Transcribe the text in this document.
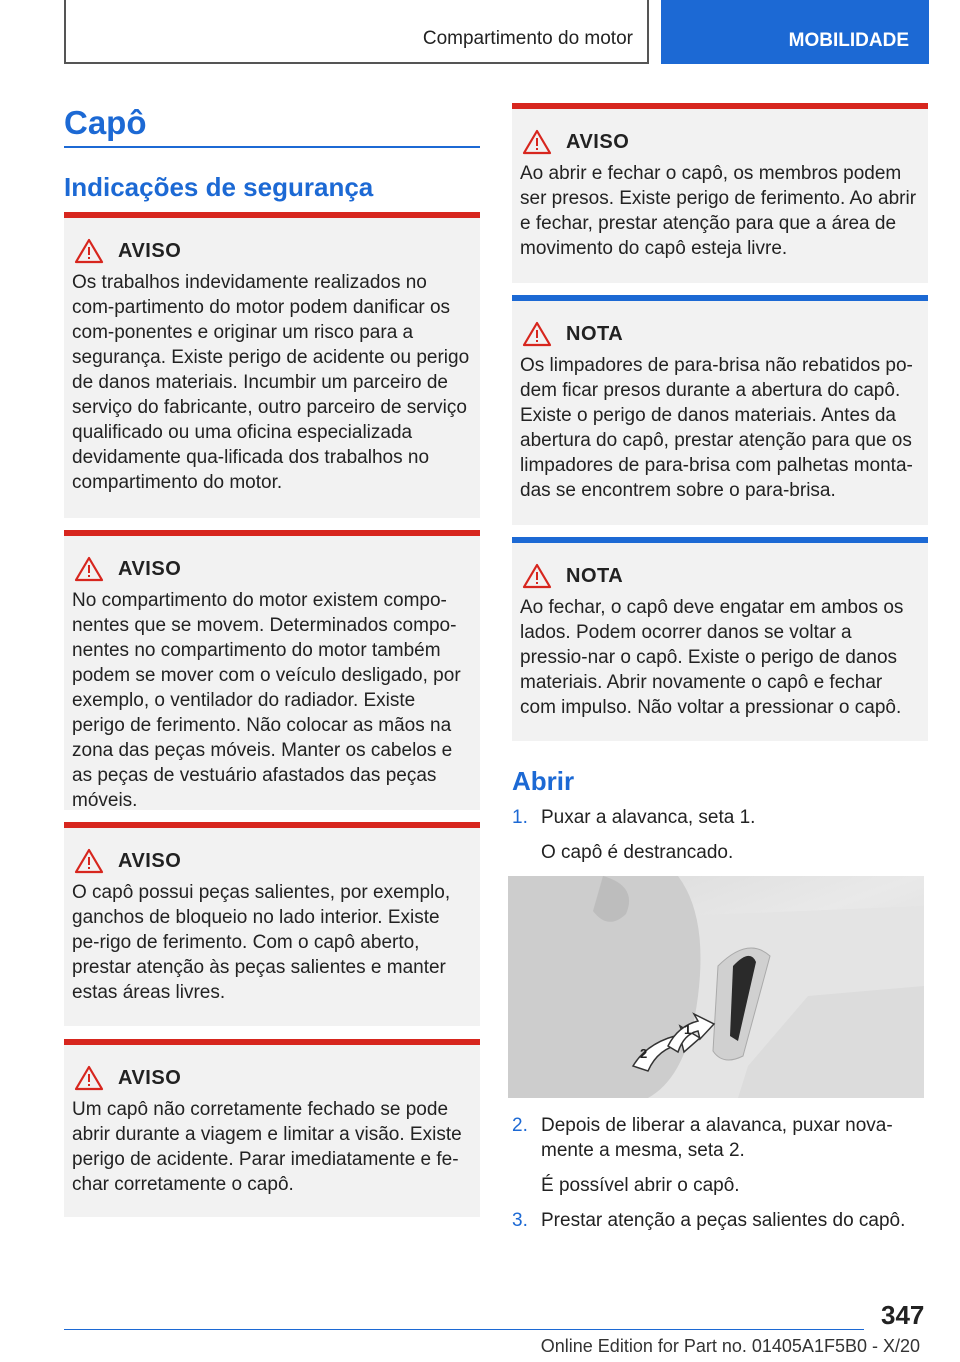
Compartimento do motor	MOBILIDADE
Capô
Indicações de segurança
AVISO
Os trabalhos indevidamente realizados no com-partimento do motor podem danificar os com-ponentes e originar um risco para a segurança. Existe perigo de acidente ou perigo de danos materiais. Incumbir um parceiro de serviço do fabricante, outro parceiro de serviço qualificado ou uma oficina especializada devidamente qua-lificada dos trabalhos no compartimento do motor.
AVISO
No compartimento do motor existem compo-nentes que se movem. Determinados compo-nentes no compartimento do motor também podem se mover com o veículo desligado, por exemplo, o ventilador do radiador. Existe perigo de ferimento. Não colocar as mãos na zona das peças móveis. Manter os cabelos e as peças de vestuário afastados das peças móveis.
AVISO
O capô possui peças salientes, por exemplo, ganchos de bloqueio no lado interior. Existe pe-rigo de ferimento. Com o capô aberto, prestar atenção às peças salientes e manter estas áreas livres.
AVISO
Um capô não corretamente fechado se pode abrir durante a viagem e limitar a visão. Existe perigo de acidente. Parar imediatamente e fe-char corretamente o capô.
AVISO
Ao abrir e fechar o capô, os membros podem ser presos. Existe perigo de ferimento. Ao abrir e fechar, prestar atenção para que a área de movimento do capô esteja livre.
NOTA
Os limpadores de para-brisa não rebatidos po-dem ficar presos durante a abertura do capô. Existe o perigo de danos materiais. Antes da abertura do capô, prestar atenção para que os limpadores de para-brisa com palhetas monta-das se encontrem sobre o para-brisa.
NOTA
Ao fechar, o capô deve engatar em ambos os lados. Podem ocorrer danos se voltar a pressio-nar o capô. Existe o perigo de danos materiais. Abrir novamente o capô e fechar com impulso. Não voltar a pressionar o capô.
Abrir
1. Puxar a alavanca, seta 1.
O capô é destrancado.
2
1
2. Depois de liberar a alavanca, puxar nova-mente a mesma, seta 2.
É possível abrir o capô.
3. Prestar atenção a peças salientes do capô.
347
Online Edition for Part no. 01405A1F5B0 - X/20
